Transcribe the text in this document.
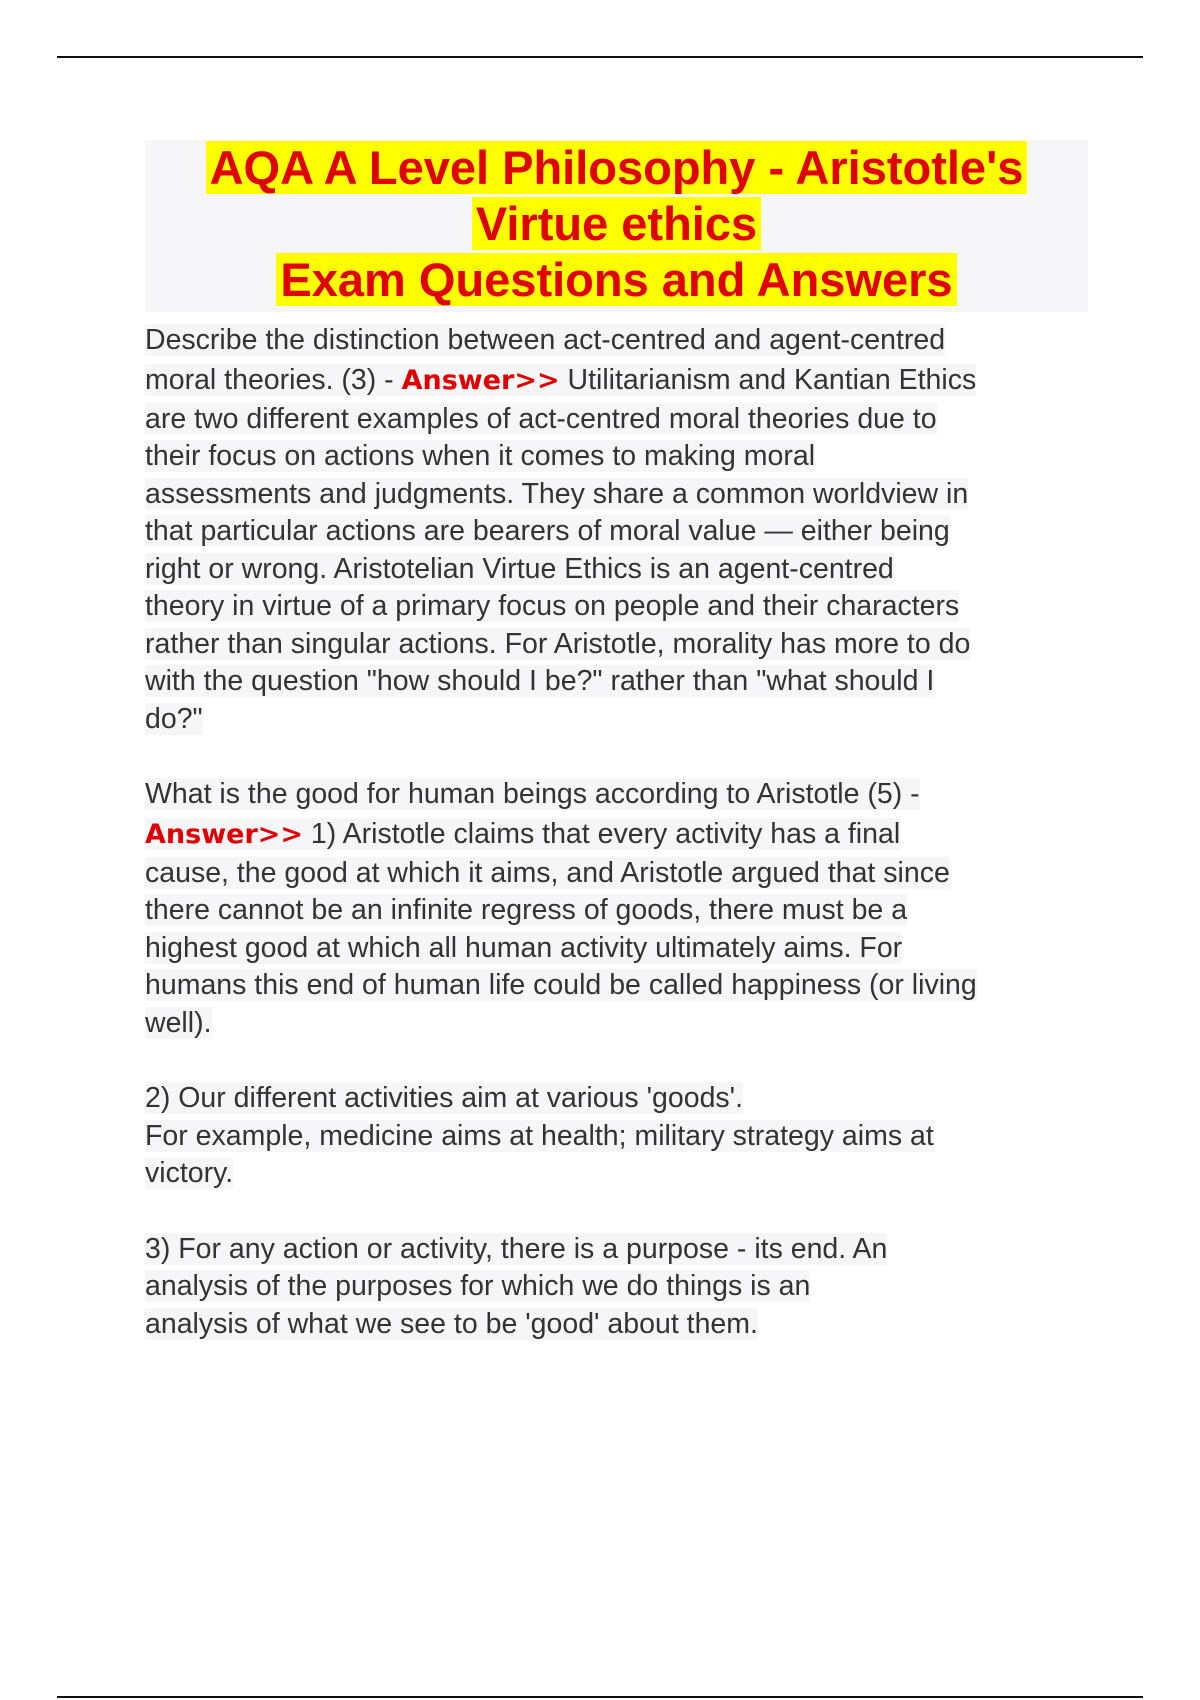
AQA A Level Philosophy - Aristotle's
Virtue ethics
Exam Questions and Answers
Describe the distinction between act-centred and agent-centred
moral theories. (3) - Answer>> Utilitarianism and Kantian Ethics
are two different examples of act-centred moral theories due to
their focus on actions when it comes to making moral
assessments and judgments. They share a common worldview in
that particular actions are bearers of moral value — either being
right or wrong. Aristotelian Virtue Ethics is an agent-centred
theory in virtue of a primary focus on people and their characters
rather than singular actions. For Aristotle, morality has more to do
with the question "how should I be?" rather than "what should I
do?"
What is the good for human beings according to Aristotle (5) -
Answer>> 1) Aristotle claims that every activity has a final
cause, the good at which it aims, and Aristotle argued that since
there cannot be an infinite regress of goods, there must be a
highest good at which all human activity ultimately aims. For
humans this end of human life could be called happiness (or living
well).
2) Our different activities aim at various 'goods'.
For example, medicine aims at health; military strategy aims at
victory.
3) For any action or activity, there is a purpose - its end. An
analysis of the purposes for which we do things is an
analysis of what we see to be 'good' about them.
